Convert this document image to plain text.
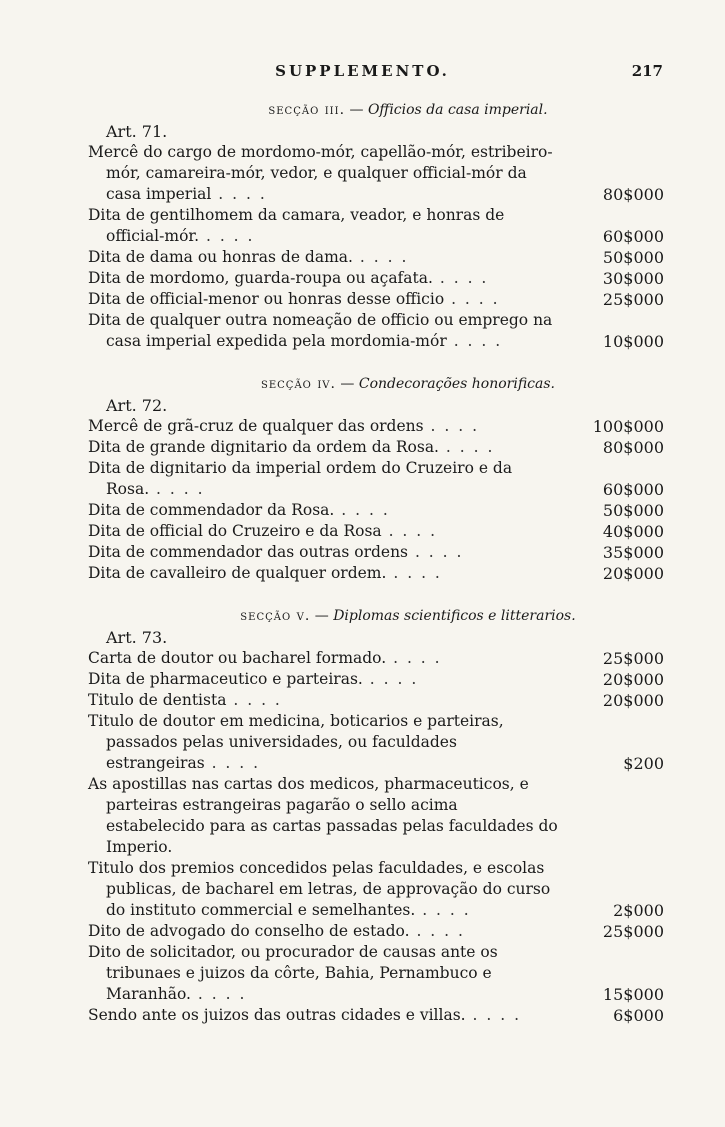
SUPPLEMENTO.	217
secção iii. — Officios da casa imperial.
Art. 71.
Mercê do cargo de mordomo-mór, capellão-mór, estribeiro-mór, camareira-mór, vedor, e qualquer official-mór da casa imperial . . . .	80$000
Dita de gentilhomem da camara, veador, e honras de official-mór. . . . .	60$000
Dita de dama ou honras de dama. . . . .	50$000
Dita de mordomo, guarda-roupa ou açafata. . . . .	30$000
Dita de official-menor ou honras desse officio . . . .	25$000
Dita de qualquer outra nomeação de officio ou emprego na casa imperial expedida pela mordomia-mór . . . .	10$000
secção iv. — Condecorações honorificas.
Art. 72.
Mercê de grã-cruz de qualquer das ordens . . . .	100$000
Dita de grande dignitario da ordem da Rosa. . . . .	80$000
Dita de dignitario da imperial ordem do Cruzeiro e da Rosa. . . . .	60$000
Dita de commendador da Rosa. . . . .	50$000
Dita de official do Cruzeiro e da Rosa . . . .	40$000
Dita de commendador das outras ordens . . . .	35$000
Dita de cavalleiro de qualquer ordem. . . . .	20$000
secção v. — Diplomas scientificos e litterarios.
Art. 73.
Carta de doutor ou bacharel formado. . . . .	25$000
Dita de pharmaceutico e parteiras. . . . .	20$000
Titulo de dentista . . . .	20$000
Titulo de doutor em medicina, boticarios e parteiras, passados pelas universidades, ou faculdades estrangeiras . . . .	$200
As apostillas nas cartas dos medicos, pharmaceuticos, e parteiras estrangeiras pagarão o sello acima estabelecido para as cartas passadas pelas faculdades do Imperio.
Titulo dos premios concedidos pelas faculdades, e escolas publicas, de bacharel em letras, de approvação do curso do instituto commercial e semelhantes. . . . .	2$000
Dito de advogado do conselho de estado. . . . .	25$000
Dito de solicitador, ou procurador de causas ante os tribunaes e juizos da côrte, Bahia, Pernambuco e Maranhão. . . . .	15$000
Sendo ante os juizos das outras cidades e villas. . . . .	6$000
